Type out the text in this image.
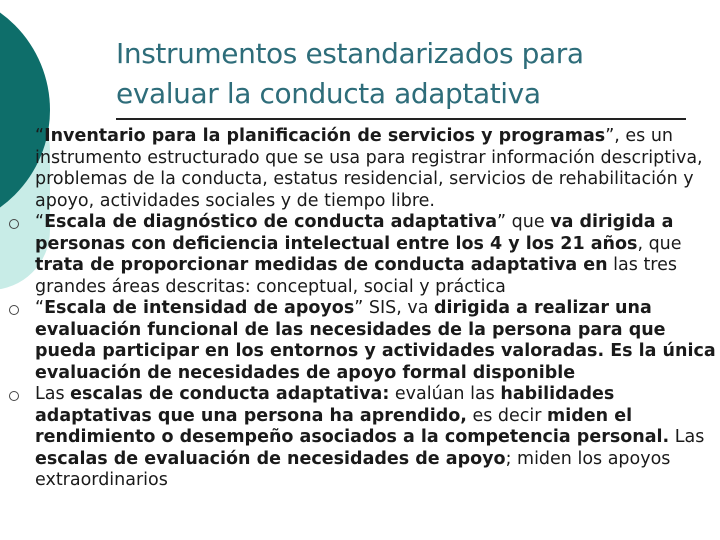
Instrumentos estandarizados para
evaluar la conducta adaptativa
“Inventario para la planificación de servicios y programas”, es un instrumento estructurado que se usa para registrar información descriptiva, problemas de la conducta, estatus residencial, servicios de rehabilitación y apoyo, actividades sociales y de tiempo libre.
“Escala de diagnóstico de conducta adaptativa” que va dirigida a personas con deficiencia intelectual entre los 4 y los 21 años, que trata de proporcionar medidas de conducta adaptativa en las tres grandes áreas descritas: conceptual, social y práctica
“Escala de intensidad de apoyos” SIS, va dirigida a realizar una evaluación funcional de las necesidades de la persona para que pueda participar en los entornos y actividades valoradas. Es la única evaluación de necesidades de apoyo formal disponible
Las escalas de conducta adaptativa: evalúan las habilidades adaptativas que una persona ha aprendido, es decir miden el rendimiento o desempeño asociados a la competencia personal. Las escalas de evaluación de necesidades de apoyo; miden los apoyos extraordinarios
